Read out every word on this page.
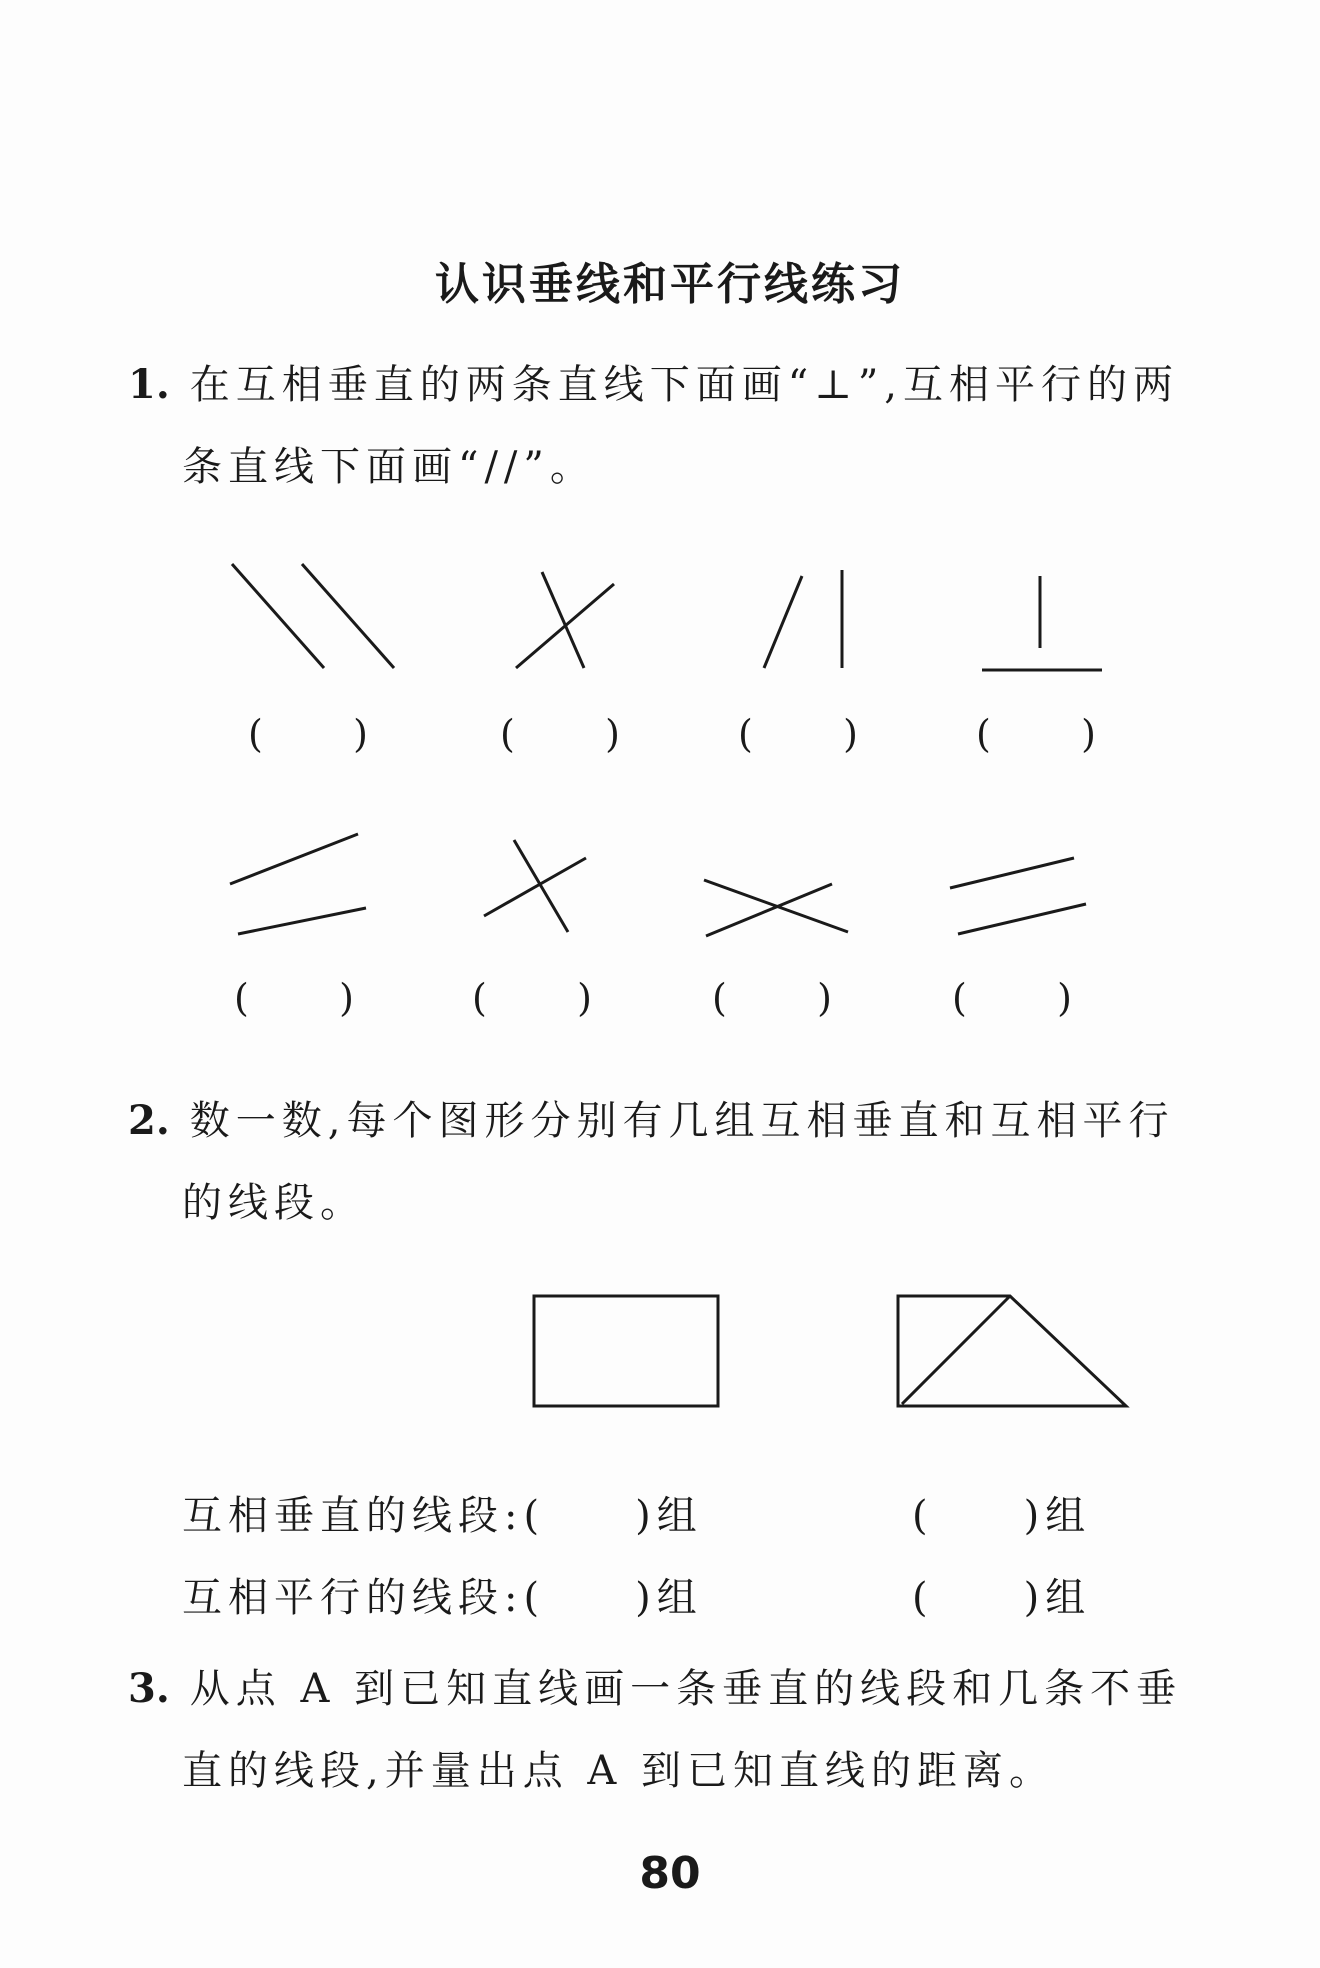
认识垂线和平行线练习
1. 在互相垂直的两条直线下面画“⊥”,互相平行的两
条直线下面画“//”。
( )	( )	( )	( )
( )	( )	( )	( )
2. 数一数,每个图形分别有几组互相垂直和互相平行
的线段。
互相垂直的线段:( )组	( )组
互相平行的线段:( )组	( )组
3. 从点 A 到已知直线画一条垂直的线段和几条不垂
直的线段,并量出点 A 到已知直线的距离。
80
